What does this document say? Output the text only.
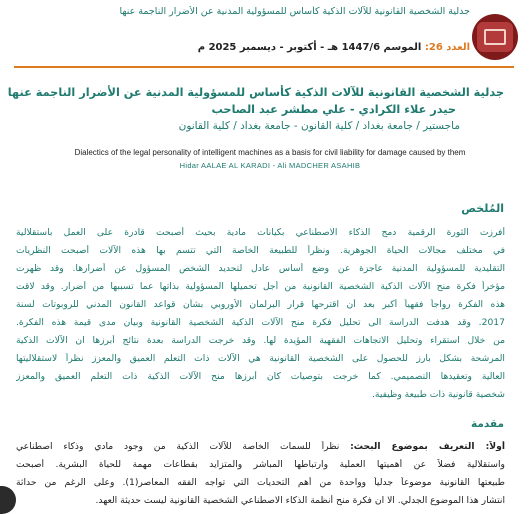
جدلية الشخصية القانونية للآلات الذكية كأساس للمسؤولية المدنية عن الأضرار الناجمة عنها
العدد 26: الموسم 1447/6 هـ - أكتوبر - ديسمبر 2025 م
جدلية الشخصية القانونية للآلات الذكية كأساس للمسؤولية المدنية عن الأضرار الناجمة عنها
حيدر علاء الكرادي - علي مطشر عبد الصاحب
ماجستير / جامعة بغداد / كلية القانون - جامعة بغداد / كلية القانون
Dialectics of the legal personality of intelligent machines as a basis for civil liability for damage caused by them
Hidar AALAE AL KARADI - Ali MADCHER ASAHIB
المُلخص
أفرزت الثورة الرقمية دمج الذكاء الاصطناعي بكيانات مادية بحيث أصبحت قادرة على العمل باستقلالية
في مختلف مجالات الحياة الجوهرية. ونظراً للطبيعة الخاصة التي تتسم بها هذه الآلات أصبحت النظريات
التقليدية للمسؤولية المدنية عاجزة عن وضع أساس عادل لتحديد الشخص المسؤول عن أضرارها. وقد ظهرت
مؤخراً فكرة منح الآلات الذكية الشخصية القانونية من أجل تحميلها المسؤولية بذاتها عما تسببها من أضرار. وقد لاقت
هذه الفكرة رواجاً فقهياً أكبر بعد أن اقترحها قرار البرلمان الأوروبي بشأن قواعد القانون المدني للروبوتات لسنة
2017. وقد هدفت الدراسة الى تحليل فكرة منح الآلات الذكية الشخصية القانونية وبيان مدى قيمة هذه الفكرة.
من خلال استقراء وتحليل الاتجاهات الفقهية المؤيدة لها. وقد خرجت الدراسة بعدة نتائج أبرزها ان الآلات الذكية
المرشحة بشكل بارز للحصول على الشخصية القانونية هي الآلات ذات التعلم العميق والمعزز نظراً لاستقلاليتها
العالية وتعقيدها التصميمي. كما خرجت بتوصيات كان أبرزها منح الآلات الذكية ذات التعلم العميق والمعزز
شخصية قانونية ذات طبيعة وظيفية.
مقدمة
أولاً: التعريف بموضوع البحث: نظراً للسمات الخاصة للآلات الذكية من وجود مادي وذكاء اصطناعي
واستقلالية فضلاً عن أهميتها العملية وارتباطها المباشر والمتزايد بقطاعات مهمة للحياة البشرية. أصبحت
طبيعتها القانونية موضوعاً جدلياً وواحدة من أهم التحديات التي تواجه الفقه المعاصر(1). وعلى الرغم من حداثة
انتشار هذا الموضوع الجدلي. الا ان فكرة منح أنظمة الذكاء الاصطناعي الشخصية القانونية ليست حديثة العهد.
